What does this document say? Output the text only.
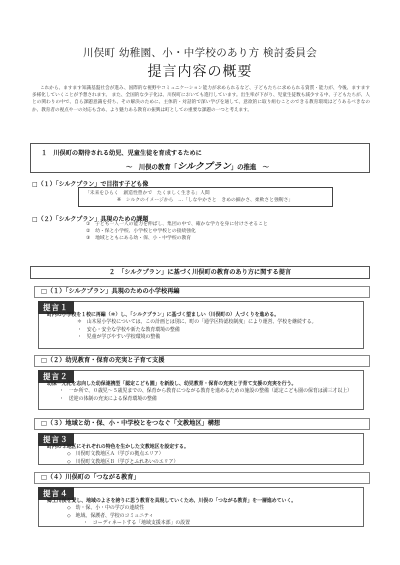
川俣町 幼稚園、小・中学校のあり方 検討委員会
提言内容の概要
これから、ますます知識基盤社会が進み、国際的な視野やコミュニケーション能力が求められるなど、子どもたちに求められる資質・能力が、今後、ますます多様化していくことが予想されます。 また、全国的な少子化は、川俣町においても進行しています。出生率が下がり、児童生徒数も減少する中、子どもたちが、人との関わりの中で、自ら課題意識を持ち、その解決のために、主体的・対話的で深い学びを通して、意欲的に取り組むことのできる教育環境はどうあるべきなのか、教育者の視点や一の対応も含め、より魅力ある教育の振興は町としての重要な課題の一つと考えます。
１　川俣町の期待される幼児、児童生徒を育成するために
～　川俣の教育「シルクプラン」の推進　～
□（１）「シルクプラン」で目指す子ども像
「未来をひらく　創造性豊かで　たくましく生きる」人間
※　シルクのイメージから　…「しなやかさと　きめの細かさ、柔軟さと強靭さ」
□（２）「シルクプラン」具現のための課題
①　子ども一人一人の能力を伸ばし、集団の中で、確かな学力を身に付けさせること
②　幼・保と小学校、小学校と中学校との接続強化
③　地域とともにある幼・保、小・中学校の教育
２　「シルクプラン」に基づく川俣町の教育のあり方に関する提言
□（１）「シルクプラン」具現のための小学校再編
提言１
町内の小学校を１校に再編（＊）し、「シルクプラン」に基づく望ましい（川俣町の）人づくりを進める。
＊　山木屋小学校については、この計画とは別に、町の「通学区特認校制度」により運営、学校を継続する。
・　安心・安全な学校や新たな教育環境の整備
・　児童が学びやすい学校環境の整備
□（２）幼児教育・保育の充実と子育て支援
提言２
幼保一元化を志向した幼保連携型「認定こども園」を新設し、幼児教育・保育の充実と子育て支援の充実を行う。
・　一か所で、０歳児〜５歳児までの、保育から教育につながる教育を進めるための施設の整備（認定こども園の保育は満三才以上）
・　送迎の体制の充実による保育環境の整備
□（３）地域と幼・保、小・中学校とをつなぐ「文教地区」構想
提言３
町内の３地区にそれぞれの特色を生かした文教地区を設定する。
◇　川俣町文教地区Ａ（学びの拠点エリア）
◇　川俣町文教地区Ｂ（学びとふれあいのエリア）
□（４）川俣町の「つながる教育」
提言４
郷土川俣を愛し、地域のよさを誇りに思う教育を具現していくため、川俣の「つながる教育」を一層進めていく。
◇　幼・保、小・中の学びの連続性
◇　地域、保護者、学校のコミュニティ
・　コーディネートする「地域支援本部」の設置
